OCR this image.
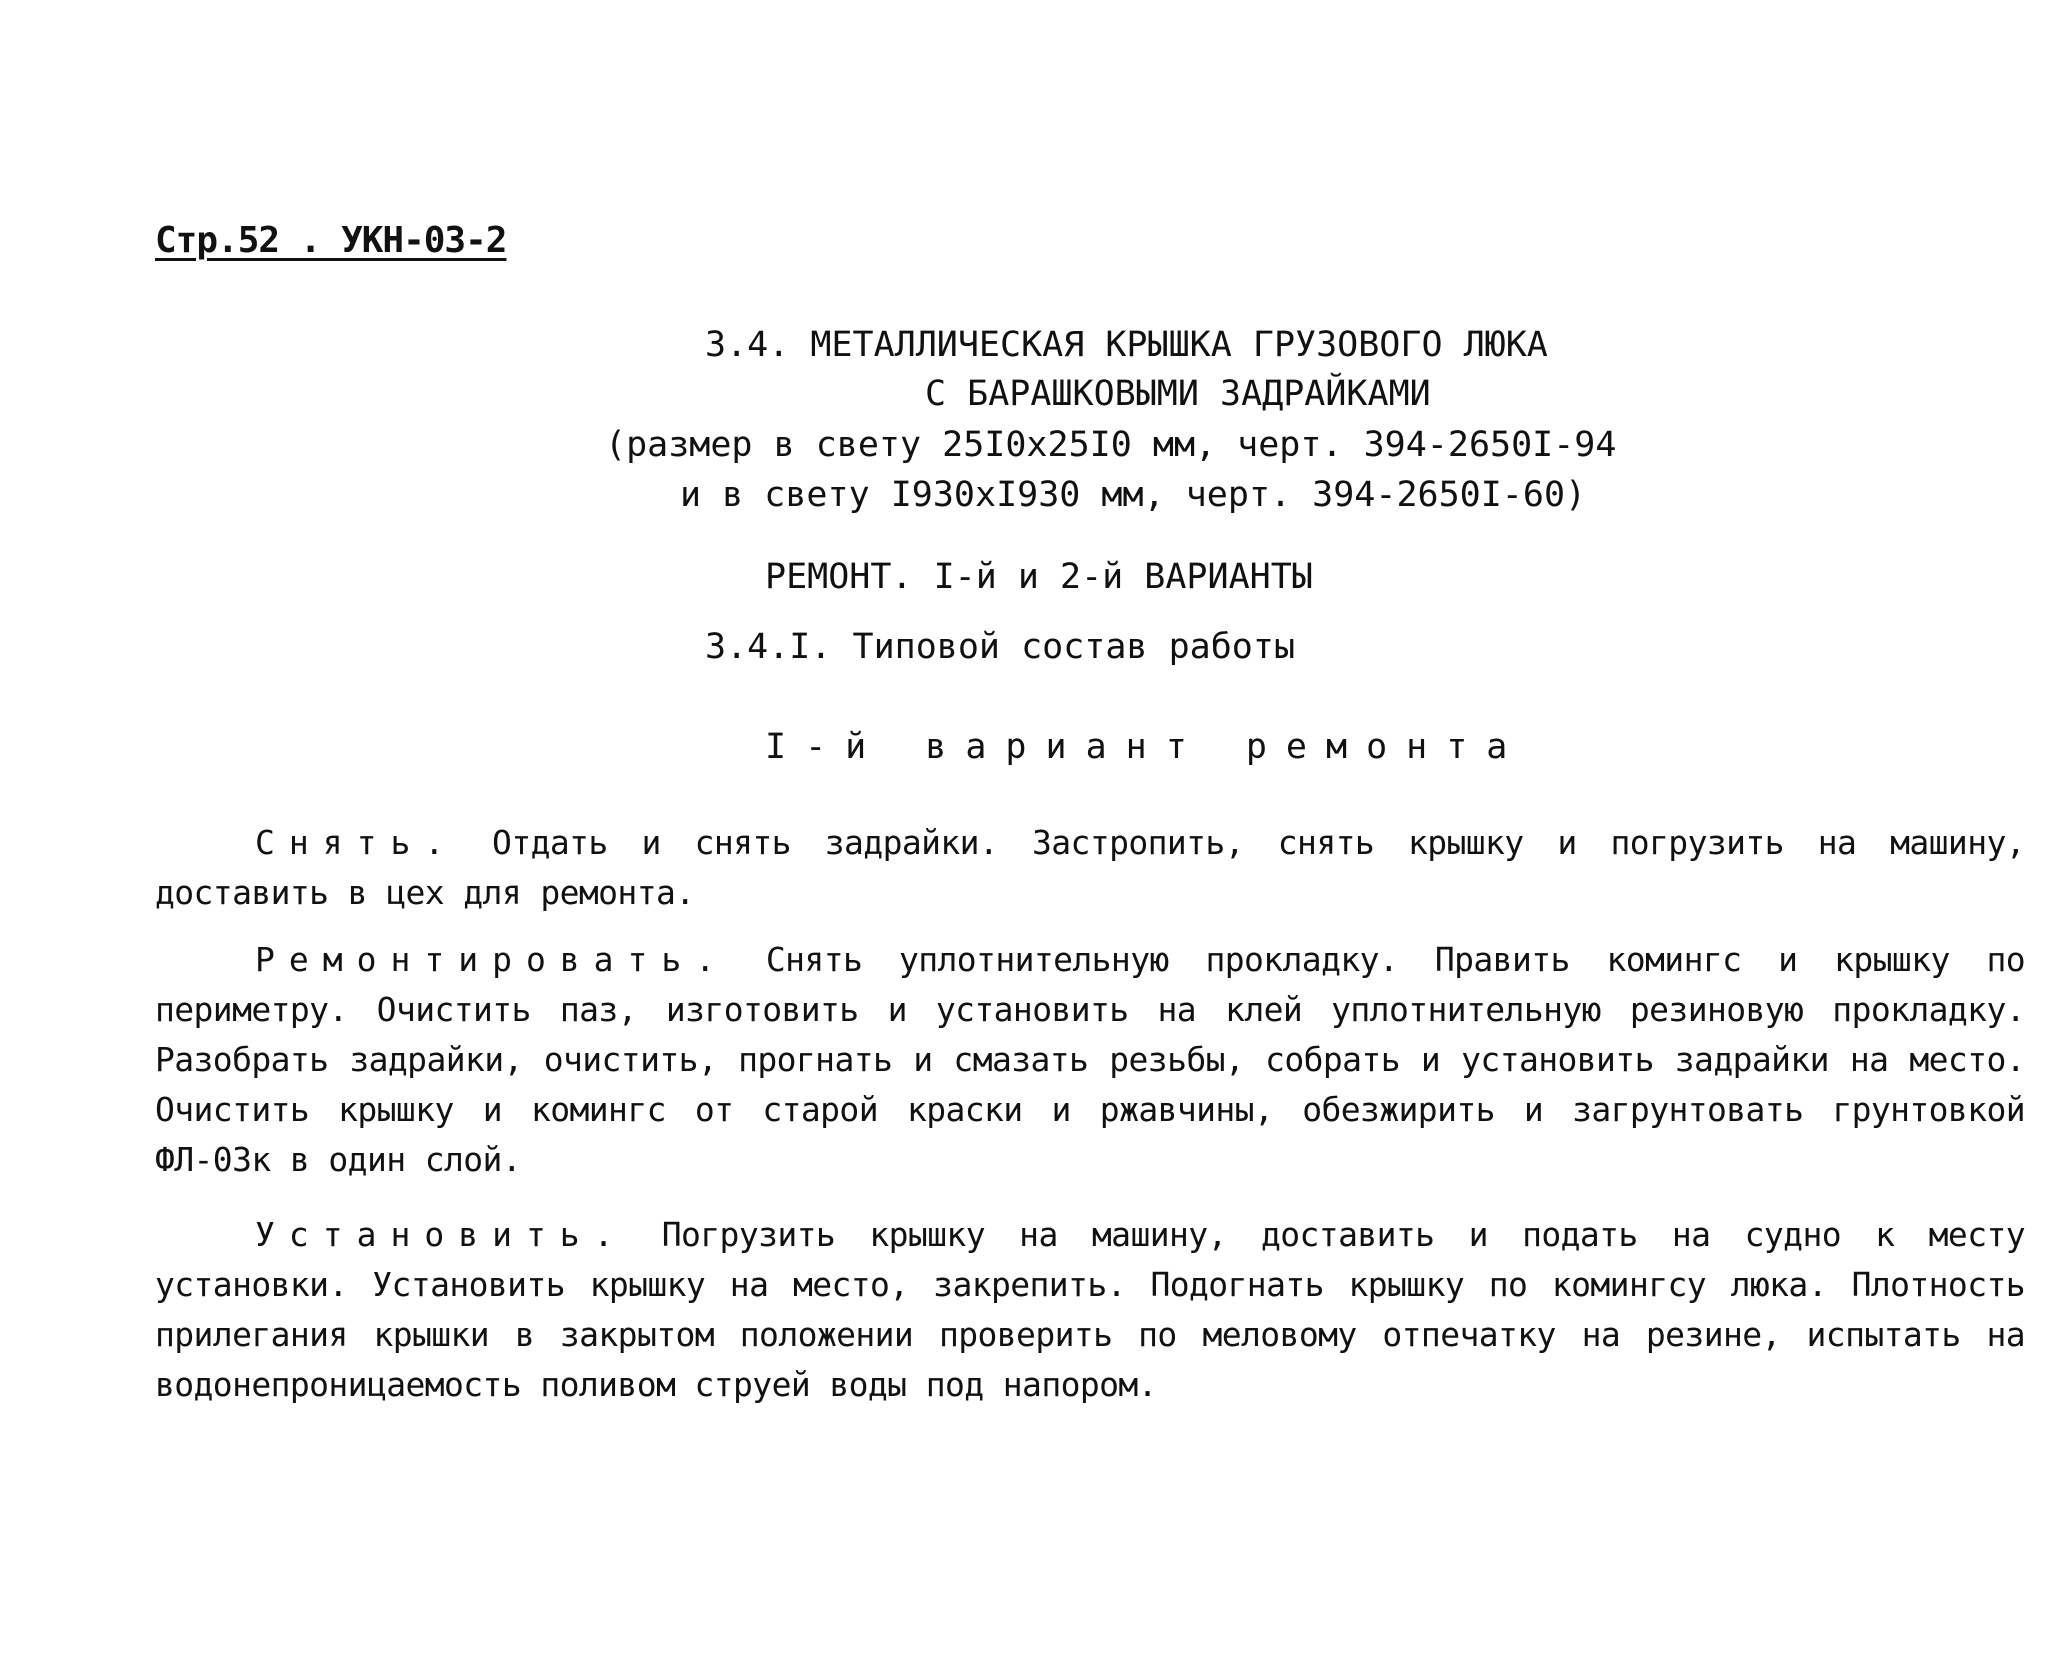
Стр.52 . УКН-03-2
3.4. МЕТАЛЛИЧЕСКАЯ КРЫШКА ГРУЗОВОГО ЛЮКА
С БАРАШКОВЫМИ ЗАДРАЙКАМИ
(размер в свету 25I0x25I0 мм, черт. 394-2650I-94
и в свету I930xI930 мм, черт. 394-2650I-60)
РЕМОНТ. I-й и 2-й ВАРИАНТЫ
3.4.I. Типовой состав работы
I-й вариант ремонта
Снять. Отдать и снять задрайки. Застропить, снять крышку и погрузить на машину, доставить в цех для ремонта.
Ремонтировать. Снять уплотнительную прокладку. Править комингс и крышку по периметру. Очистить паз, изготовить и установить на клей уплотнительную резиновую прокладку. Разобрать задрайки, очистить, прогнать и смазать резьбы, собрать и установить задрайки на место. Очистить крышку и комингс от старой краски и ржавчины, обезжирить и загрунтовать грунтовкой ФЛ-03к в один слой.
Установить. Погрузить крышку на машину, доставить и подать на судно к месту установки. Установить крышку на место, закрепить. Подогнать крышку по комингсу люка. Плотность прилегания крышки в закрытом положении проверить по меловому отпечатку на резине, испытать на водонепроницаемость поливом струей воды под напором.
